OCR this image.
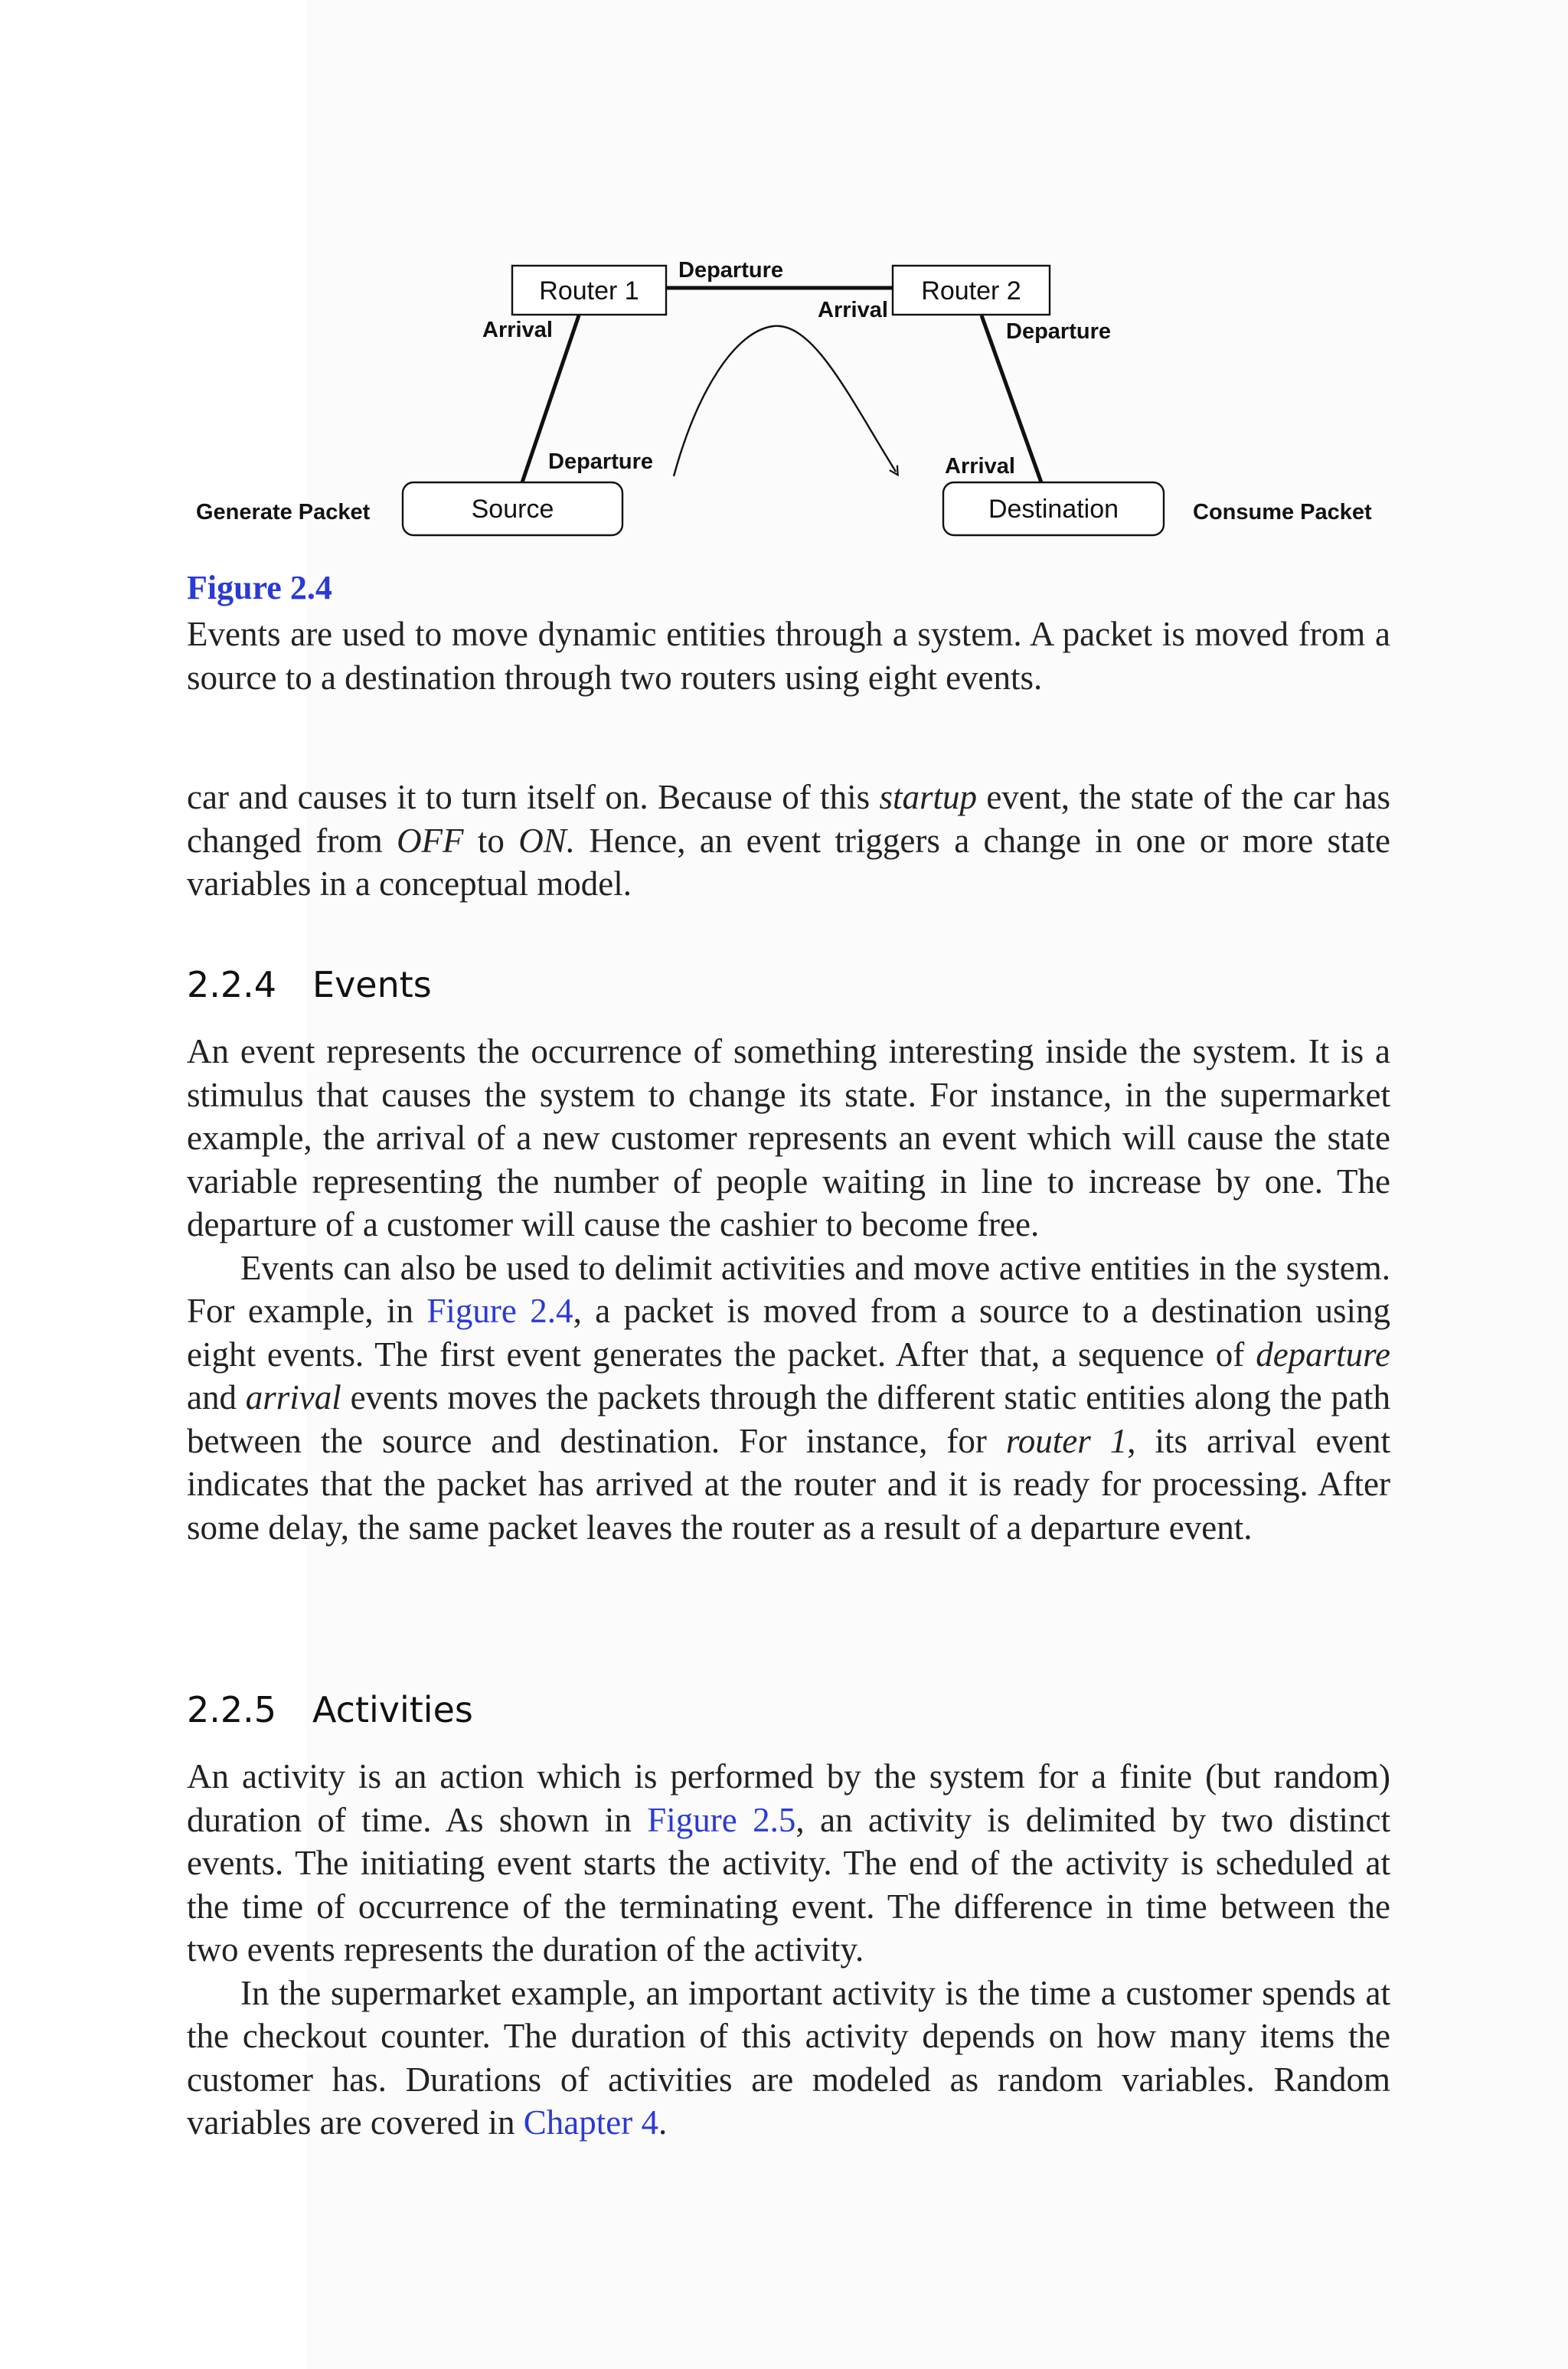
Router 1	Router 2
Source	Destination
Departure
Arrival
Arrival
Departure
Departure	Arrival
Generate Packet	Consume Packet
Figure 2.4

Events are used to move dynamic entities through a system. A packet is moved from a source to a destination through two routers using eight events.

car and causes it to turn itself on. Because of this startup event, the state of the car has changed from OFF to ON. Hence, an event triggers a change in one or more state variables in a conceptual model.

2.2.4 Events

An event represents the occurrence of something interesting inside the system. It is a stimulus that causes the system to change its state. For instance, in the supermarket example, the arrival of a new customer represents an event which will cause the state variable representing the number of people waiting in line to increase by one. The departure of a customer will cause the cashier to become free.

Events can also be used to delimit activities and move active entities in the system. For example, in Figure 2.4, a packet is moved from a source to a destination using eight events. The first event generates the packet. After that, a sequence of departure and arrival events moves the packets through the different static entities along the path between the source and destination. For instance, for router 1, its arrival event indicates that the packet has arrived at the router and it is ready for processing. After some delay, the same packet leaves the router as a result of a departure event.

2.2.5 Activities

An activity is an action which is performed by the system for a finite (but random) duration of time. As shown in Figure 2.5, an activity is delimited by two distinct events. The initiating event starts the activity. The end of the activity is scheduled at the time of occurrence of the terminating event. The difference in time between the two events represents the duration of the activity.

In the supermarket example, an important activity is the time a customer spends at the checkout counter. The duration of this activity depends on how many items the customer has. Durations of activities are modeled as random variables. Random variables are covered in Chapter 4.
